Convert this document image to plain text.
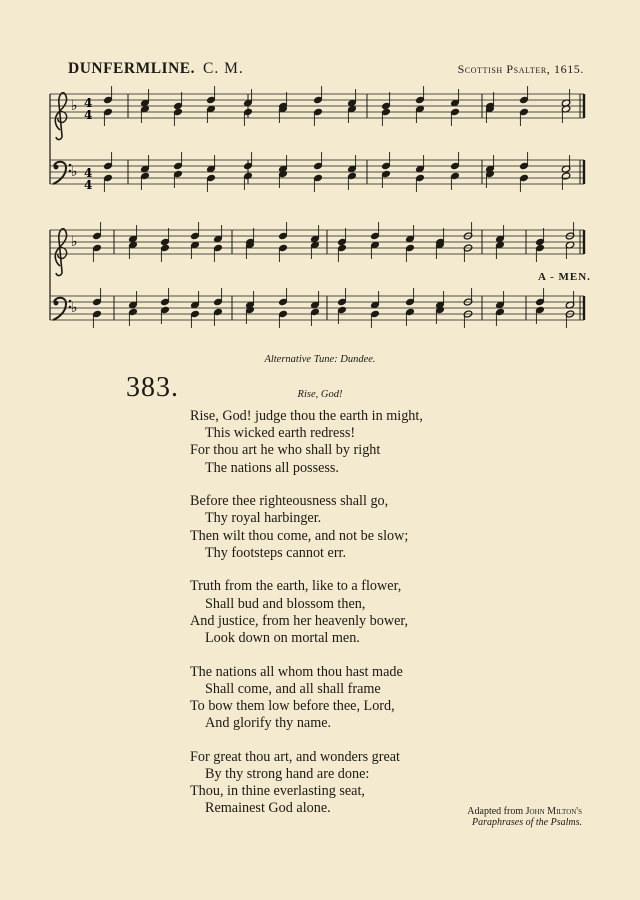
DUNFERMLINE. C. M.	Scottish Psalter, 1615.
♭
♭
♭
♭
4
4
4
4
A - MEN.
Alternative Tune: Dundee.
383.	Rise, God!
Rise, God! judge thou the earth in might,
This wicked earth redress!
For thou art he who shall by right
The nations all possess.
Before thee righteousness shall go,
Thy royal harbinger.
Then wilt thou come, and not be slow;
Thy footsteps cannot err.
Truth from the earth, like to a flower,
Shall bud and blossom then,
And justice, from her heavenly bower,
Look down on mortal men.
The nations all whom thou hast made
Shall come, and all shall frame
To bow them low before thee, Lord,
And glorify thy name.
For great thou art, and wonders great
By thy strong hand are done:
Thou, in thine everlasting seat,
Remainest God alone.	Adapted from John Milton's
Paraphrases of the Psalms.
